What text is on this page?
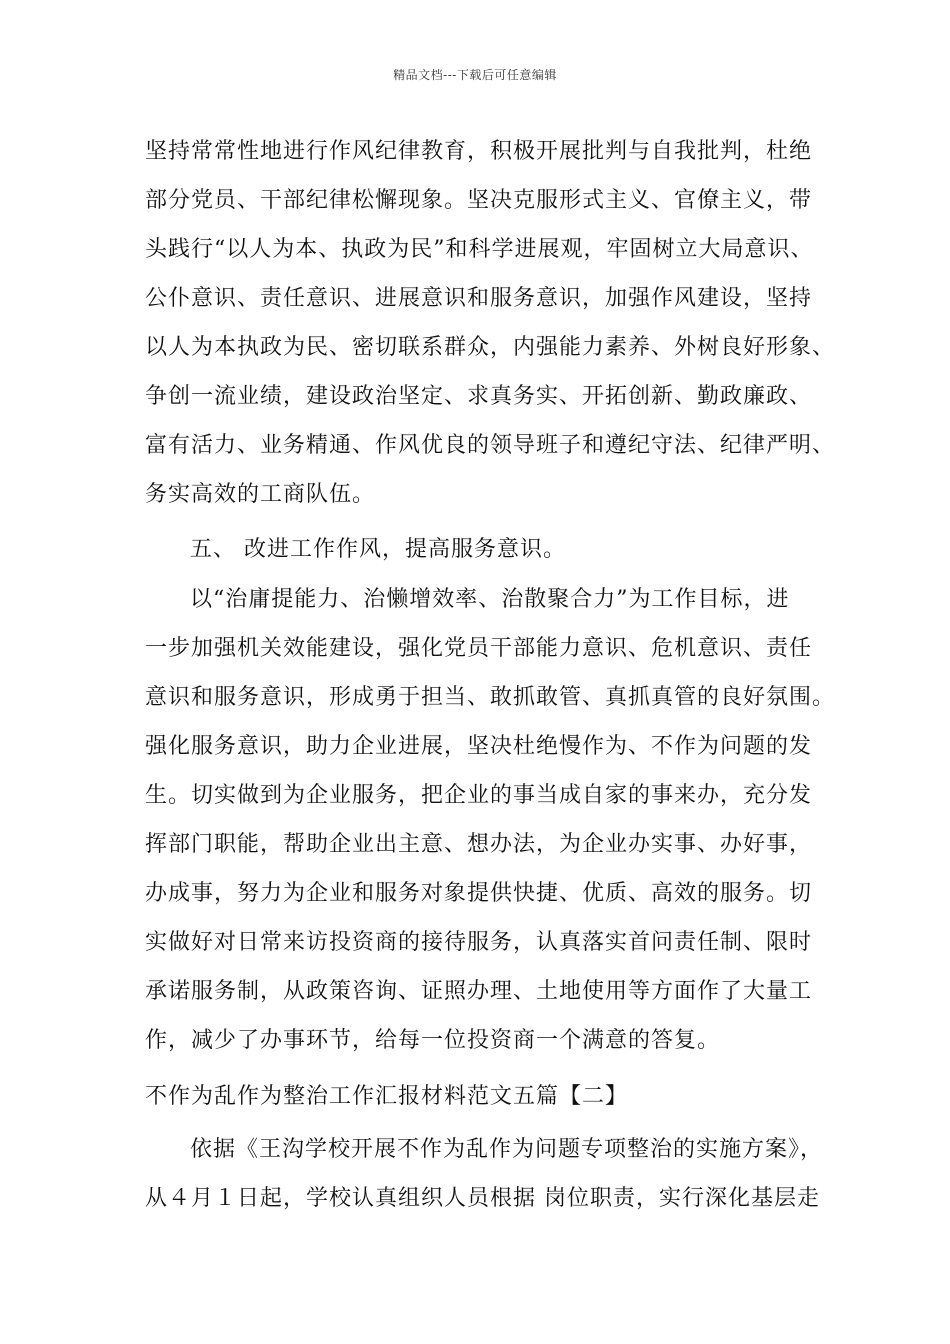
精品文档---下载后可任意编辑
坚持常常性地进行作风纪律教育，积极开展批判与自我批判，杜绝
部分党员、干部纪律松懈现象。坚决克服形式主义、官僚主义，带
头践行“以人为本、执政为民”和科学进展观，牢固树立大局意识、
公仆意识、责任意识、进展意识和服务意识，加强作风建设，坚持
以人为本执政为民、密切联系群众，内强能力素养、外树良好形象、
争创一流业绩，建设政治坚定、求真务实、开拓创新、勤政廉政、
富有活力、业务精通、作风优良的领导班子和遵纪守法、纪律严明、
务实高效的工商队伍。
五、 改进工作作风，提高服务意识。
以“治庸提能力、治懒增效率、治散聚合力”为工作目标，进
一步加强机关效能建设，强化党员干部能力意识、危机意识、责任
意识和服务意识，形成勇于担当、敢抓敢管、真抓真管的良好氛围。
强化服务意识，助力企业进展，坚决杜绝慢作为、不作为问题的发
生。切实做到为企业服务，把企业的事当成自家的事来办，充分发
挥部门职能，帮助企业出主意、想办法，为企业办实事、办好事，
办成事，努力为企业和服务对象提供快捷、优质、高效的服务。切
实做好对日常来访投资商的接待服务，认真落实首问责任制、限时
承诺服务制，从政策咨询、证照办理、土地使用等方面作了大量工
作，减少了办事环节，给每一位投资商一个满意的答复。
不作为乱作为整治工作汇报材料范文五篇【二】
依据《王沟学校开展不作为乱作为问题专项整治的实施方案》，
从４月１日起，学校认真组织人员根据 岗位职责，实行深化基层走
